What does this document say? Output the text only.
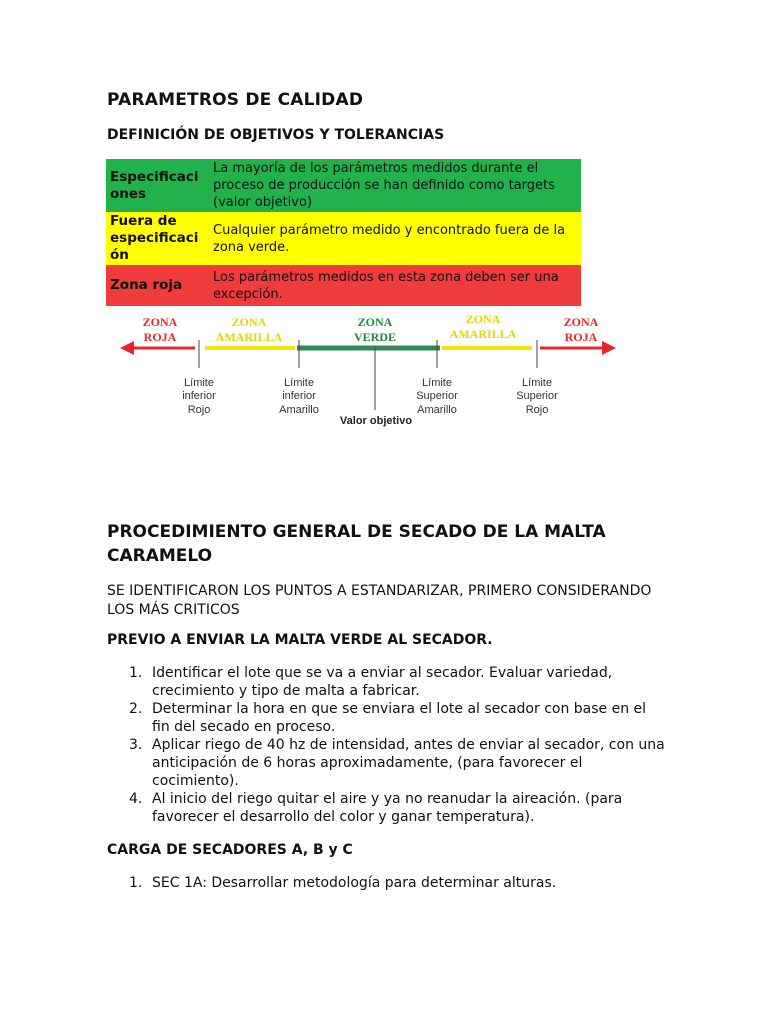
PARAMETROS DE CALIDAD
DEFINICIÓN DE OBJETIVOS Y TOLERANCIAS
Especificaci
ones	La mayoría de los parámetros medidos durante el proceso de producción se han definido como targets (valor objetivo)
Fuera de
especificaci
ón	Cualquier parámetro medido y encontrado fuera de la zona verde.
Zona roja	Los parámetros medidos en esta zona deben ser una excepción.
ZONA
ROJA
ZONA
AMARILLA
ZONA
VERDE
ZONA
AMARILLA
ZONA
ROJA
Límite
inferior
Rojo
Límite
inferior
Amarillo
Límite
Superior
Amarillo
Límite
Superior
Rojo
Valor objetivo
PROCEDIMIENTO GENERAL DE SECADO DE LA MALTA CARAMELO

SE IDENTIFICARON LOS PUNTOS A ESTANDARIZAR, PRIMERO CONSIDERANDO LOS MÁS CRITICOS

PREVIO A ENVIAR LA MALTA VERDE AL SECADOR.
1. Identificar el lote que se va a enviar al secador. Evaluar variedad, crecimiento y tipo de malta a fabricar.
2. Determinar la hora en que se enviara el lote al secador con base en el fin del secado en proceso.
3. Aplicar riego de 40 hz de intensidad, antes de enviar al secador, con una anticipación de 6 horas aproximadamente, (para favorecer el cocimiento).
4. Al inicio del riego quitar el aire y ya no reanudar la aireación. (para favorecer el desarrollo del color y ganar temperatura).
CARGA DE SECADORES A, B y C
1. SEC 1A: Desarrollar metodología para determinar alturas.
